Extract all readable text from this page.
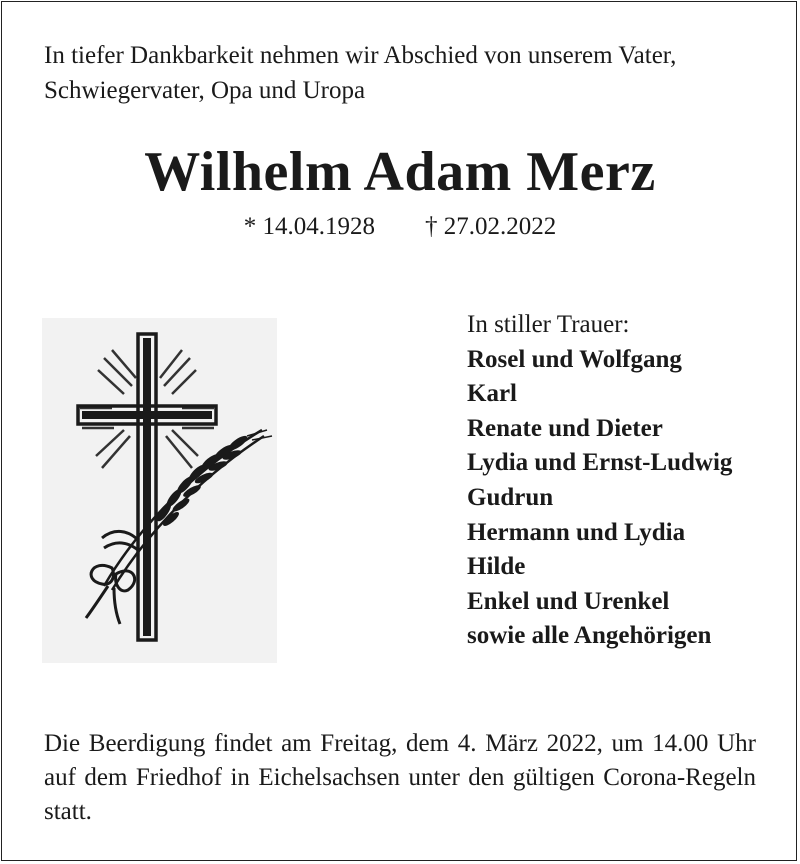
In tiefer Dankbarkeit nehmen wir Abschied von unserem Vater, Schwiegervater, Opa und Uropa
Wilhelm Adam Merz
* 14.04.1928 † 27.02.2022
In stiller Trauer:
Rosel und Wolfgang
Karl
Renate und Dieter
Lydia und Ernst-Ludwig
Gudrun
Hermann und Lydia
Hilde
Enkel und Urenkel
sowie alle Angehörigen
Die Beerdigung findet am Freitag, dem 4. März 2022, um 14.00 Uhr auf dem Friedhof in Eichelsachsen unter den gültigen Corona-Regeln statt.
